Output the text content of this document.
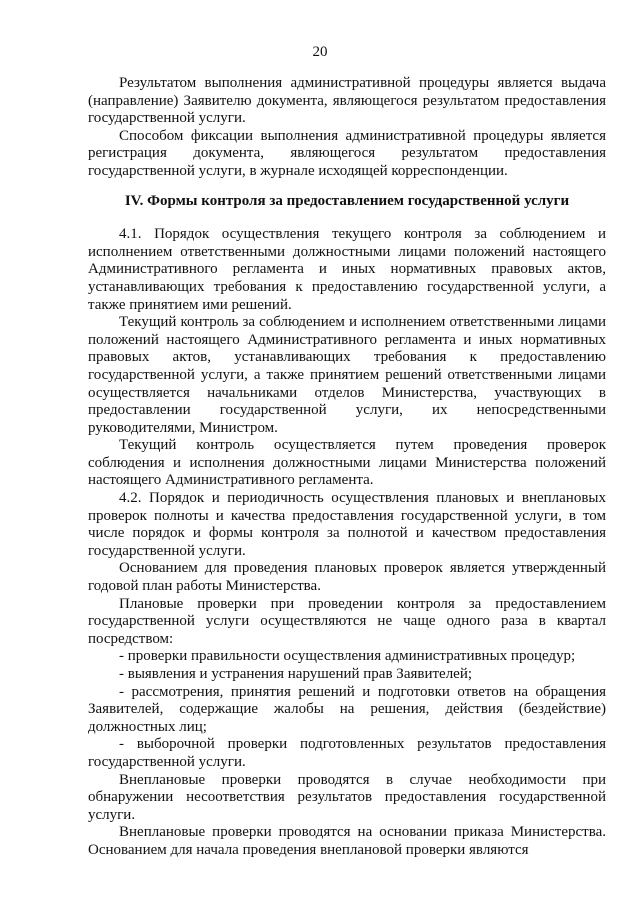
20

Результатом выполнения административной процедуры является выдача (направление) Заявителю документа, являющегося результатом предоставления государственной услуги.

Способом фиксации выполнения административной процедуры является регистрация документа, являющегося результатом предоставления государственной услуги, в журнале исходящей корреспонденции.

IV. Формы контроля за предоставлением государственной услуги

4.1. Порядок осуществления текущего контроля за соблюдением и исполнением ответственными должностными лицами положений настоящего Административного регламента и иных нормативных правовых актов, устанавливающих требования к предоставлению государственной услуги, а также принятием ими решений.

Текущий контроль за соблюдением и исполнением ответственными лицами положений настоящего Административного регламента и иных нормативных правовых актов, устанавливающих требования к предоставлению государственной услуги, а также принятием решений ответственными лицами осуществляется начальниками отделов Министерства, участвующих в предоставлении государственной услуги, их непосредственными руководителями, Министром.

Текущий контроль осуществляется путем проведения проверок соблюдения и исполнения должностными лицами Министерства положений настоящего Административного регламента.

4.2. Порядок и периодичность осуществления плановых и внеплановых проверок полноты и качества предоставления государственной услуги, в том числе порядок и формы контроля за полнотой и качеством предоставления государственной услуги.

Основанием для проведения плановых проверок является утвержденный годовой план работы Министерства.

Плановые проверки при проведении контроля за предоставлением государственной услуги осуществляются не чаще одного раза в квартал посредством:

- проверки правильности осуществления административных процедур;

- выявления и устранения нарушений прав Заявителей;

- рассмотрения, принятия решений и подготовки ответов на обращения Заявителей, содержащие жалобы на решения, действия (бездействие) должностных лиц;

- выборочной проверки подготовленных результатов предоставления государственной услуги.

Внеплановые проверки проводятся в случае необходимости при обнаружении несоответствия результатов предоставления государственной услуги.

Внеплановые проверки проводятся на основании приказа Министерства. Основанием для начала проведения внеплановой проверки являются
